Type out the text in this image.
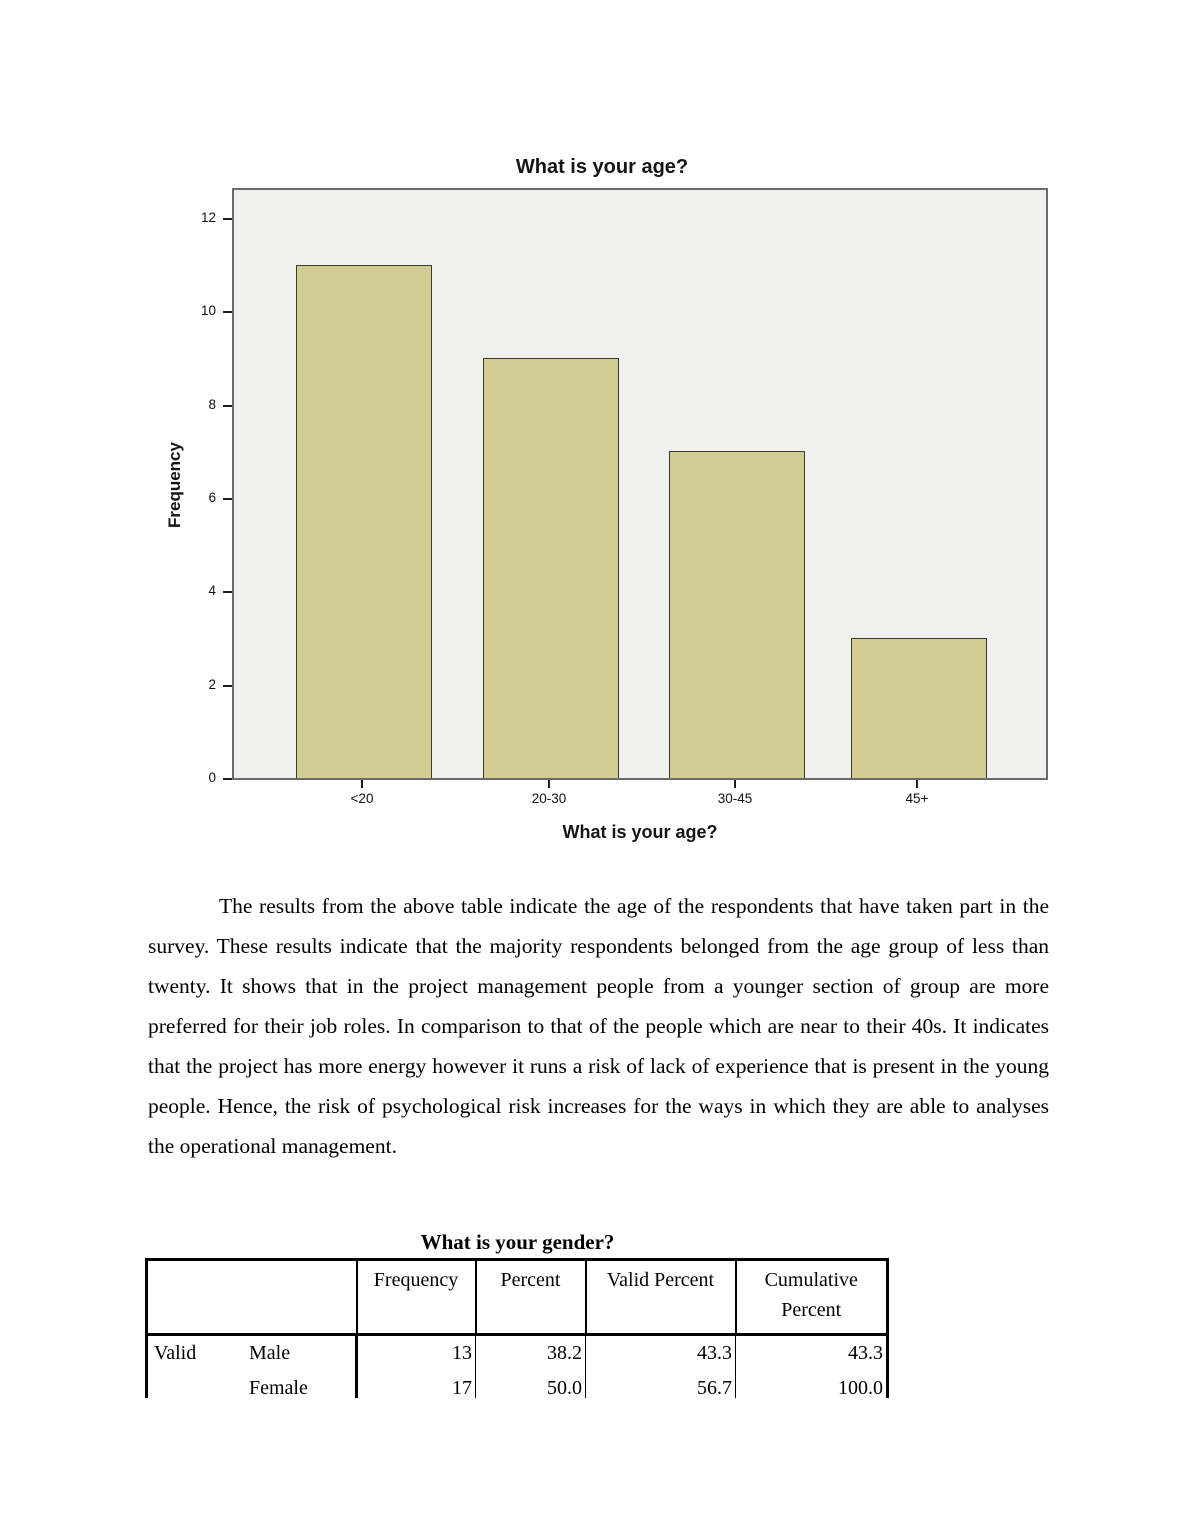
What is your age?
Frequency
0
2
4
6
8
10
12
<20	20-30	30-45	45+
What is your age?

The results from the above table indicate the age of the respondents that have taken part in the survey. These results indicate that the majority respondents belonged from the age group of less than twenty. It shows that in the project management people from a younger section of group are more preferred for their job roles. In comparison to that of the people which are near to their 40s. It indicates that the project has more energy however it runs a risk of lack of experience that is present in the young people. Hence, the risk of psychological risk increases for the ways in which they are able to analyses the operational management.

What is your gender?
	Frequency	Percent	Valid Percent	Cumulative Percent
Valid Male	13	38.2	43.3	43.3
Female	17	50.0	56.7	100.0
